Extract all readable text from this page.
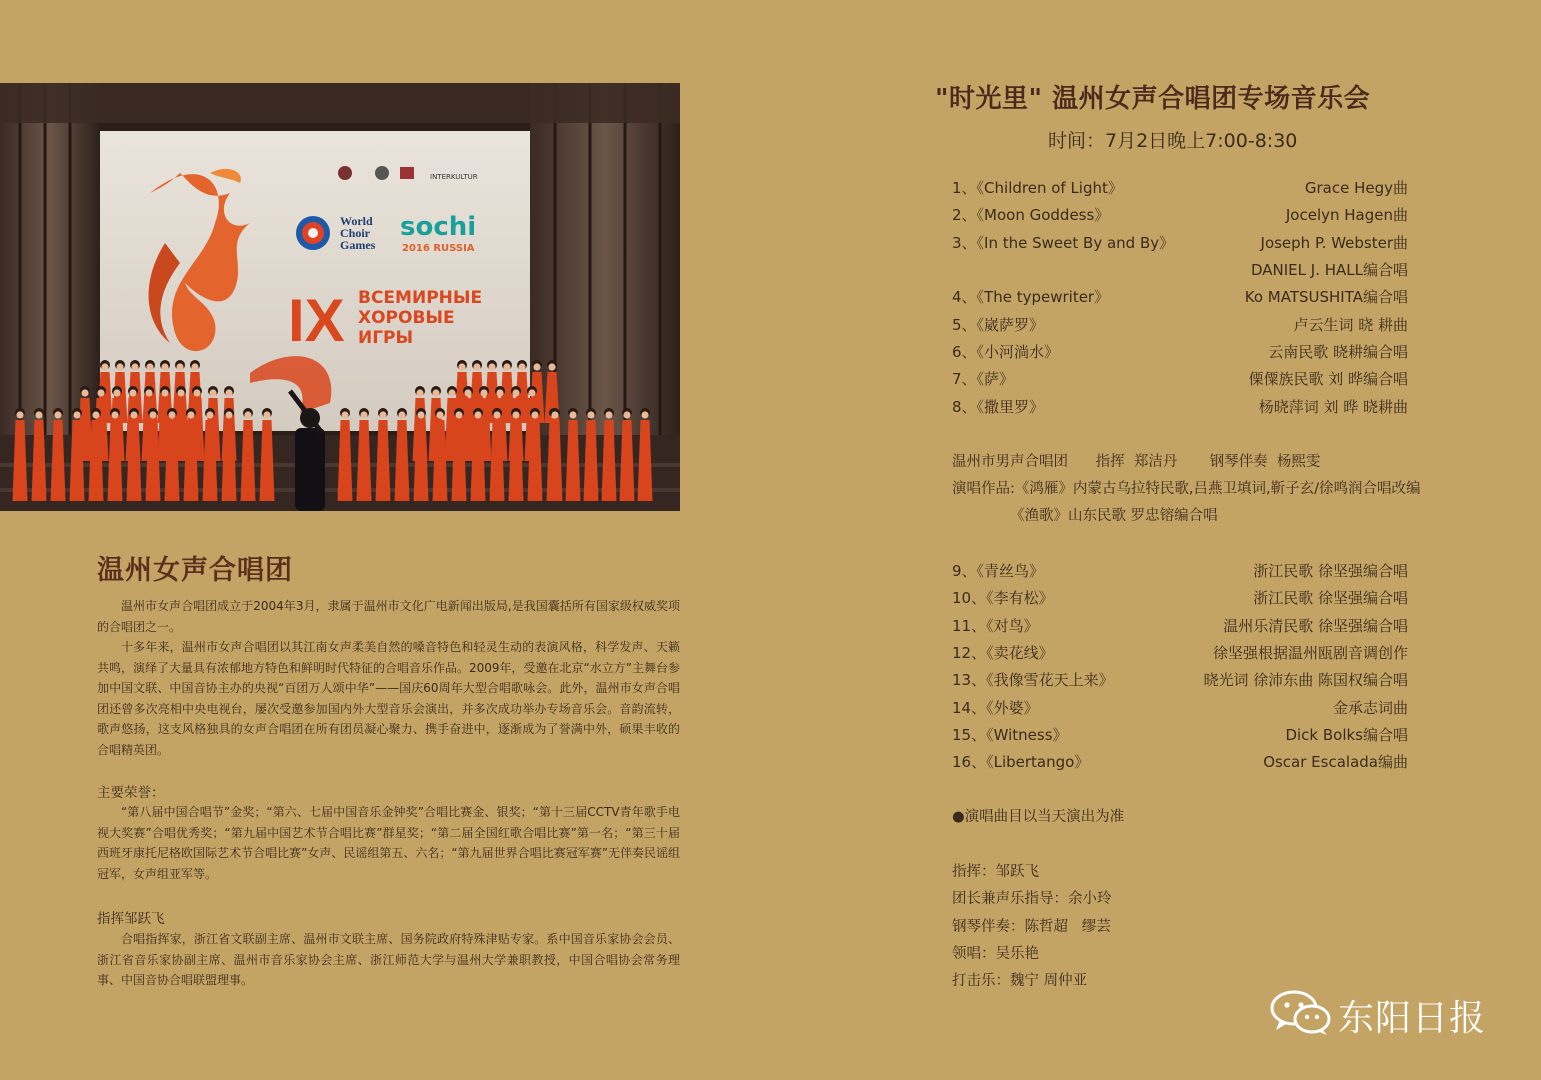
INTERKULTUR
World
Choir
Games
sochi
2016 RUSSIA
IX ВСЕМИРНЫЕ
ХОРОВЫЕ
ИГРЫ
温州女声合唱团

温州市女声合唱团成立于2004年3月，隶属于温州市文化广电新闻出版局,是我国囊括所有国家级权威奖项的合唱团之一。

十多年来，温州市女声合唱团以其江南女声柔美自然的嗓音特色和轻灵生动的表演风格，科学发声、天籁共鸣，演绎了大量具有浓郁地方特色和鲜明时代特征的合唱音乐作品。2009年，受邀在北京“水立方”主舞台参加中国文联、中国音协主办的央视“百团万人颂中华”——国庆60周年大型合唱歌咏会。此外，温州市女声合唱团还曾多次亮相中央电视台，屡次受邀参加国内外大型音乐会演出，并多次成功举办专场音乐会。音韵流转，歌声悠扬，这支风格独具的女声合唱团在所有团员凝心聚力、携手奋进中，逐渐成为了誉满中外，硕果丰收的合唱精英团。

主要荣誉：

“第八届中国合唱节”金奖；“第六、七届中国音乐金钟奖”合唱比赛金、银奖；“第十三届CCTV青年歌手电视大奖赛”合唱优秀奖；“第九届中国艺术节合唱比赛”群星奖；“第二届全国红歌合唱比赛”第一名；“第三十届西班牙康托尼格欧国际艺术节合唱比赛”女声、民谣组第五、六名；“第九届世界合唱比赛冠军赛”无伴奏民谣组冠军，女声组亚军等。

指挥邹跃飞

合唱指挥家，浙江省文联副主席、温州市文联主席、国务院政府特殊津贴专家。系中国音乐家协会会员、浙江省音乐家协副主席、温州市音乐家协会主席、浙江师范大学与温州大学兼职教授，中国合唱协会常务理事、中国音协合唱联盟理事。

"时光里" 温州女声合唱团专场音乐会

时间：7月2日晚上7:00-8:30

1、《Children of Light》	Grace Hegy曲
2、《Moon Goddess》	Jocelyn Hagen曲
3、《In the Sweet By and By》	Joseph P. Webster曲
DANIEL J. HALL编合唱
4、《The typewriter》	Ko MATSUSHITA编合唱
5、《崴萨罗》	卢云生词 晓 耕曲
6、《小河淌水》	云南民歌 晓耕编合唱
7、《萨》	傈僳族民歌 刘 晔编合唱
8、《撒里罗》	杨晓萍词 刘 晔 晓耕曲
温州市男声合唱团      指挥  郑洁丹       钢琴伴奏  杨熙雯
演唱作品:《鸿雁》内蒙古乌拉特民歌,吕燕卫填词,靳子玄/徐鸣润合唱改编
《渔歌》山东民歌 罗忠镕编合唱
9、《青丝鸟》	浙江民歌 徐坚强编合唱
10、《李有松》	浙江民歌 徐坚强编合唱
11、《对鸟》	温州乐清民歌 徐坚强编合唱
12、《卖花线》	徐坚强根据温州瓯剧音调创作
13、《我像雪花天上来》	晓光词 徐沛东曲 陈国权编合唱
14、《外婆》	金承志词曲
15、《Witness》	Dick Bolks编合唱
16、《Libertango》	Oscar Escalada编曲
●演唱曲目以当天演出为准
指挥：邹跃飞
团长兼声乐指导：余小玲
钢琴伴奏：陈哲超   缪芸
领唱：吴乐艳
打击乐：魏宁 周仲亚
东阳日报
